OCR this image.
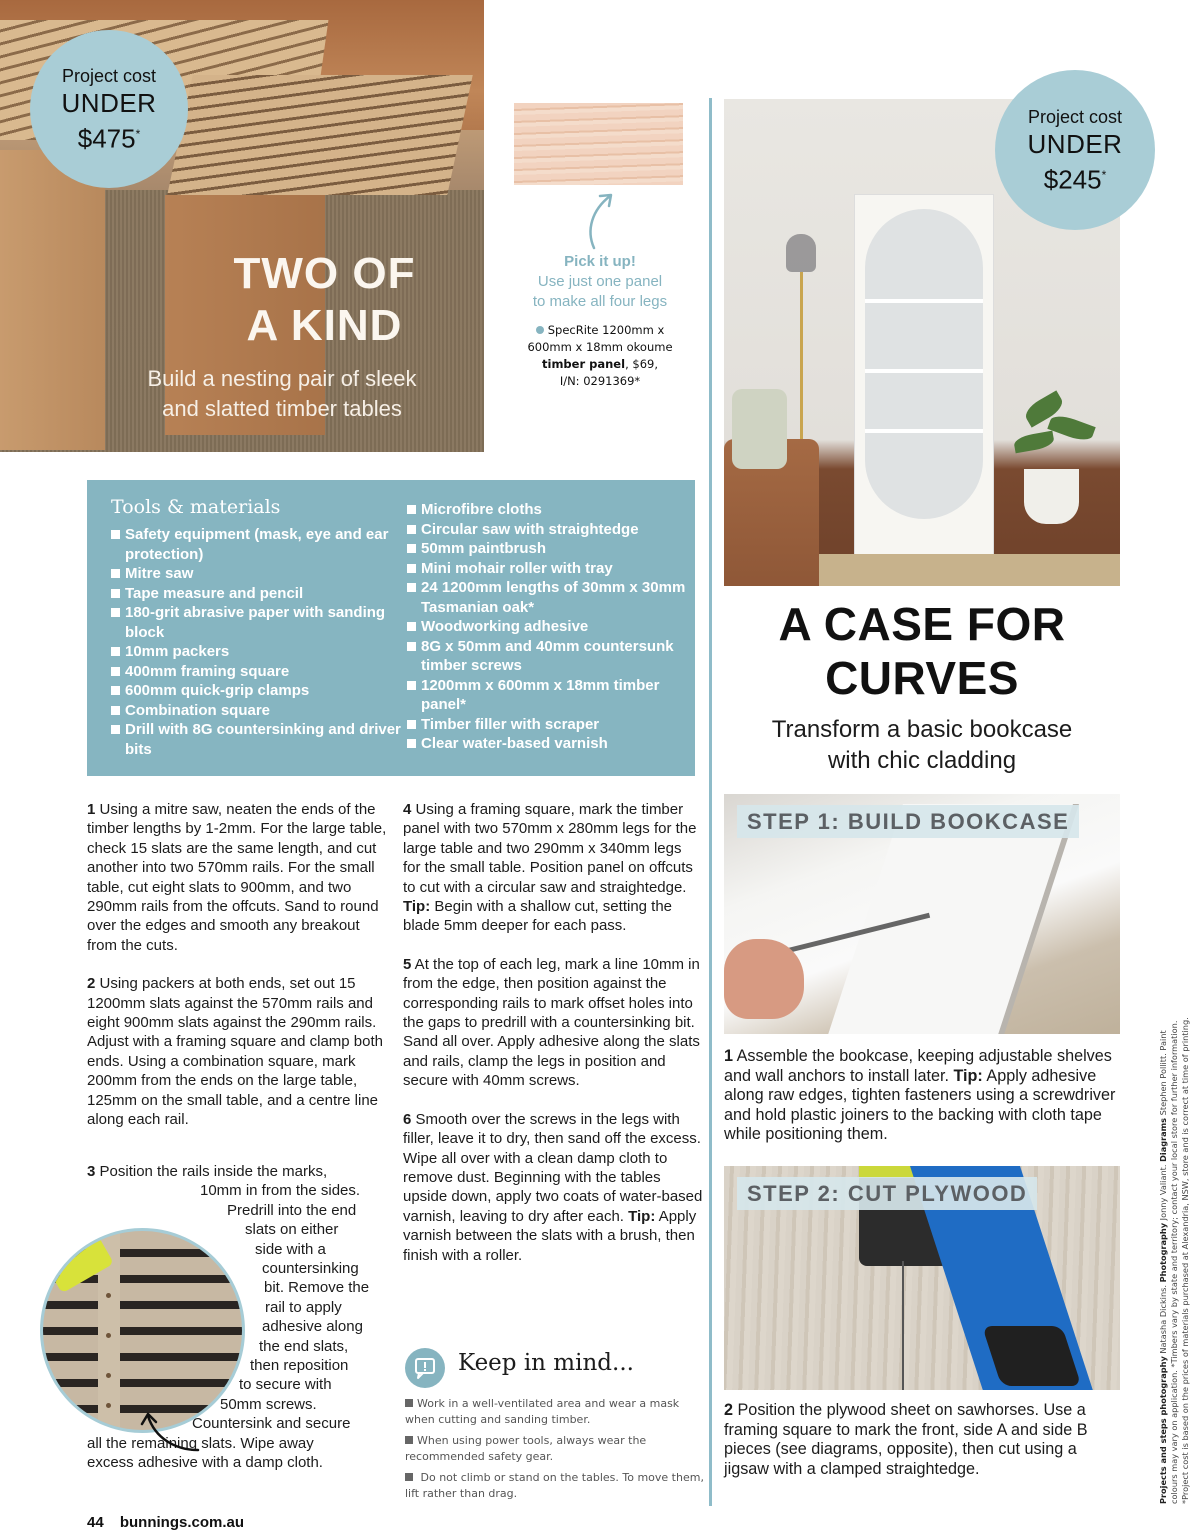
TWO OF
A KIND
Build a nesting pair of sleek
and slatted timber tables
Project cost
UNDER
$475*
Pick it up!
Use just one panel
to make all four legs
SpecRite 1200mm x
600mm x 18mm okoume
timber panel, $69,
I/N: 0291369*
Tools & materials
Safety equipment (mask, eye and ear protection)
Mitre saw
Tape measure and pencil
180-grit abrasive paper with sanding block
10mm packers
400mm framing square
600mm quick-grip clamps
Combination square
Drill with 8G countersinking and driver bits
Microfibre cloths
Circular saw with straightedge
50mm paintbrush
Mini mohair roller with tray
24 1200mm lengths of 30mm x 30mm Tasmanian oak*
Woodworking adhesive
8G x 50mm and 40mm countersunk timber screws
1200mm x 600mm x 18mm timber panel*
Timber filler with scraper
Clear water-based varnish

1 Using a mitre saw, neaten the ends of the timber lengths by 1-2mm. For the large table, check 15 slats are the same length, and cut another into two 570mm rails. For the small table, cut eight slats to 900mm, and two 290mm rails from the offcuts. Sand to round over the edges and smooth any breakout from the cuts.

2 Using packers at both ends, set out 15 1200mm slats against the 570mm rails and eight 900mm slats against the 290mm rails. Adjust with a framing square and clamp both ends. Using a combination square, mark 200mm from the ends on the large table, 125mm on the small table, and a centre line along each rail.

3 Position the rails inside the marks,
10mm in from the sides.
Predrill into the end
slats on either
side with a
countersinking
bit. Remove the
rail to apply
adhesive along
the end slats,
then reposition
to secure with
50mm screws.
Countersink and secure
all the remaining slats. Wipe away
excess adhesive with a damp cloth.

4 Using a framing square, mark the timber panel with two 570mm x 280mm legs for the large table and two 290mm x 340mm legs for the small table. Position panel on offcuts to cut with a circular saw and straightedge. Tip: Begin with a shallow cut, setting the blade 5mm deeper for each pass.

5 At the top of each leg, mark a line 10mm in from the edge, then position against the corresponding rails to mark offset holes into the gaps to predrill with a countersinking bit. Sand all over. Apply adhesive along the slats and rails, clamp the legs in position and secure with 40mm screws.

6 Smooth over the screws in the legs with filler, leave it to dry, then sand off the excess. Wipe all over with a clean damp cloth to remove dust. Beginning with the tables upside down, apply two coats of water-based varnish, leaving to dry after each. Tip: Apply varnish between the slats with a brush, then finish with a roller.

Keep in mind...
Work in a well-ventilated area and wear a mask when cutting and sanding timber.
When using power tools, always wear the recommended safety gear.
Do not climb or stand on the tables. To move them, lift rather than drag.
Project cost
UNDER
$245*
A CASE FOR
CURVES
Transform a basic bookcase
with chic cladding
STEP 1: BUILD BOOKCASE
1 Assemble the bookcase, keeping adjustable shelves and wall anchors to install later. Tip: Apply adhesive along raw edges, tighten fasteners using a screwdriver and hold plastic joiners to the backing with cloth tape while positioning them.
STEP 2: CUT PLYWOOD
2 Position the plywood sheet on sawhorses. Use a framing square to mark the front, side A and side B pieces (see diagrams, opposite), then cut using a jigsaw with a clamped straightedge.	Projects and steps photography Natasha Dickins. Photography Jonny Valiant. Diagrams Stephen Pollitt. Paint colours may vary on application. *Timbers vary by state and territory; contact your local store for further information. *Project cost is based on the prices of materials purchased at Alexandria, NSW, store and is correct at time of printing.
44 bunnings.com.au
